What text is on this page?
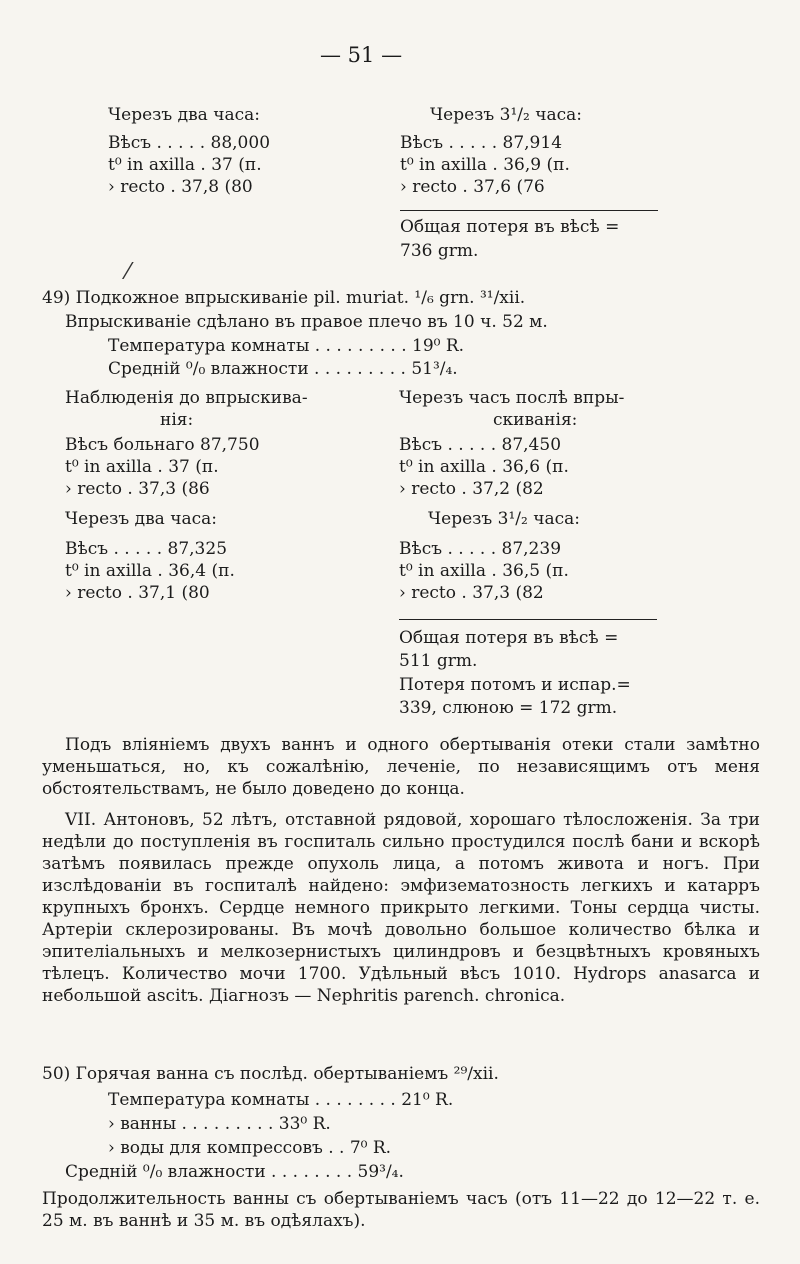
— 51 —
Черезъ два часа:
Вѣсъ . . . . . 88,000
t⁰ in axilla . 37 (п.
› recto . 37,8 (80
Черезъ 3¹/₂ часа:
Вѣсъ . . . . . 87,914
t⁰ in axilla . 36,9 (п.
› recto . 37,6 (76
Общая потеря въ вѣсѣ =
736 grm.
⁄
49) Подкожное впрыскиваніе pil. muriat. ¹/₆ grn. ³¹/xii.
Впрыскиваніе сдѣлано въ правое плечо въ 10 ч. 52 м.
Температура комнаты . . . . . . . . . 19⁰ R.
Средній ⁰/₀ влажности . . . . . . . . . 51³/₄.
Наблюденія до впрыскива-
нія:
Вѣсъ больнаго 87,750
t⁰ in axilla . 37 (п.
› recto . 37,3 (86
Черезъ часъ послѣ впры-
скиванія:
Вѣсъ . . . . . 87,450
t⁰ in axilla . 36,6 (п.
› recto . 37,2 (82
Черезъ два часа:
Вѣсъ . . . . . 87,325
t⁰ in axilla . 36,4 (п.
› recto . 37,1 (80
Черезъ 3¹/₂ часа:
Вѣсъ . . . . . 87,239
t⁰ in axilla . 36,5 (п.
› recto . 37,3 (82
Общая потеря въ вѣсѣ =
511 grm.
Потеря потомъ и испар.=
339, слюною = 172 grm.

Подъ вліяніемъ двухъ ваннъ и одного обертыванія отеки стали замѣтно уменьшаться, но, къ сожалѣнію, леченіе, по независящимъ отъ меня обстоятельствамъ, не было доведено до конца.

VII. Антоновъ, 52 лѣтъ, отставной рядовой, хорошаго тѣлосложенія. За три недѣли до поступленія въ госпиталь сильно простудился послѣ бани и вскорѣ затѣмъ появилась прежде опухоль лица, а потомъ живота и ногъ. При изслѣдованіи въ госпиталѣ найдено: эмфизематозность легкихъ и катарръ крупныхъ бронхъ. Сердце немного прикрыто легкими. Тоны сердца чисты. Артеріи склерозированы. Въ мочѣ довольно большое количество бѣлка и эпителіальныхъ и мелкозернистыхъ цилиндровъ и безцвѣтныхъ кровяныхъ тѣлецъ. Количество мочи 1700. Удѣльный вѣсъ 1010. Hydrops anasarca и небольшой ascitъ. Діагнозъ — Nephritis parench. chronica.

50) Горячая ванна съ послѣд. обертываніемъ ²⁹/xii.
Температура комнаты . . . . . . . . 21⁰ R.
› ванны . . . . . . . . . 33⁰ R.
› воды для компрессовъ . . 7⁰ R.
Средній ⁰/₀ влажности . . . . . . . . 59³/₄.

Продолжительность ванны съ обертываніемъ часъ (отъ 11—22 до 12—22 т. е. 25 м. въ ваннѣ и 35 м. въ одѣялахъ).
